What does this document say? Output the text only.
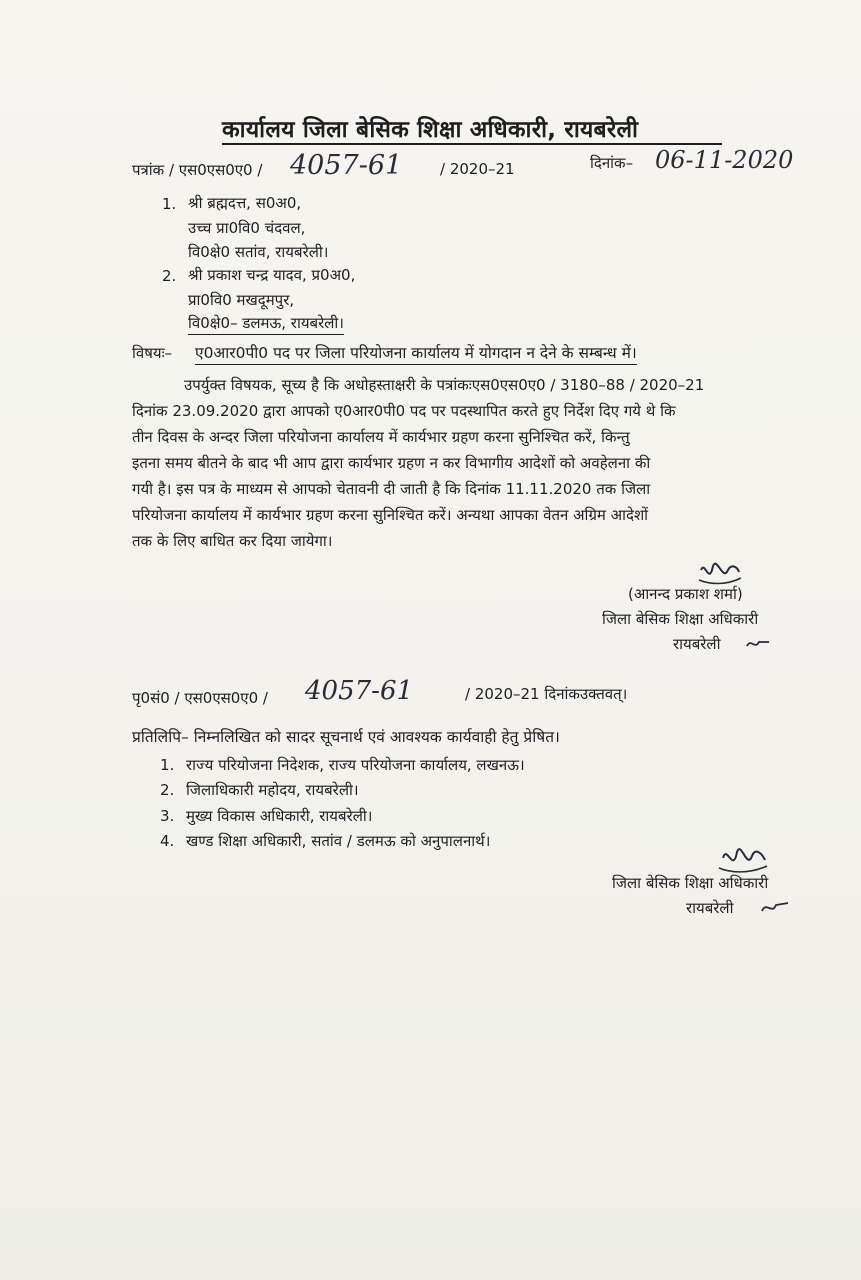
कार्यालय जिला बेसिक शिक्षा अधिकारी, रायबरेली
पत्रांक / एस0एस0ए0 / 4057-61	/ 2020–21	दिनांक– 06-11-2020
1. श्री ब्रह्मदत्त, स0अ0,
उच्च प्रा0वि0 चंदवल,
वि0क्षे0 सतांव, रायबरेली।
2. श्री प्रकाश चन्द्र यादव, प्र0अ0,
प्रा0वि0 मखदूमपुर,
वि0क्षे0– डलमऊ, रायबरेली।
विषयः– ए0आर0पी0 पद पर जिला परियोजना कार्यालय में योगदान न देने के सम्बन्ध में।
उपर्युक्त विषयक, सूच्य है कि अधोहस्ताक्षरी के पत्रांकःएस0एस0ए0 / 3180–88 / 2020–21
दिनांक 23.09.2020 द्वारा आपको ए0आर0पी0 पद पर पदस्थापित करते हुए निर्देश दिए गये थे कि
तीन दिवस के अन्दर जिला परियोजना कार्यालय में कार्यभार ग्रहण करना सुनिश्चित करें, किन्तु
इतना समय बीतने के बाद भी आप द्वारा कार्यभार ग्रहण न कर विभागीय आदेशों को अवहेलना की
गयी है। इस पत्र के माध्यम से आपको चेतावनी दी जाती है कि दिनांक 11.11.2020 तक जिला
परियोजना कार्यालय में कार्यभार ग्रहण करना सुनिश्चित करें। अन्यथा आपका वेतन अग्रिम आदेशों
तक के लिए बाधित कर दिया जायेगा।
(आनन्द प्रकाश शर्मा)
जिला बेसिक शिक्षा अधिकारी
रायबरेली
पृ0सं0 / एस0एस0ए0 / 4057-61	/ 2020–21 दिनांकउक्तवत्।
प्रतिलिपि– निम्नलिखित को सादर सूचनार्थ एवं आवश्यक कार्यवाही हेतु प्रेषित।
1. राज्य परियोजना निदेशक, राज्य परियोजना कार्यालय, लखनऊ।
2. जिलाधिकारी महोदय, रायबरेली।
3. मुख्य विकास अधिकारी, रायबरेली।
4. खण्ड शिक्षा अधिकारी, सतांव / डलमऊ को अनुपालनार्थ।
जिला बेसिक शिक्षा अधिकारी
रायबरेली
